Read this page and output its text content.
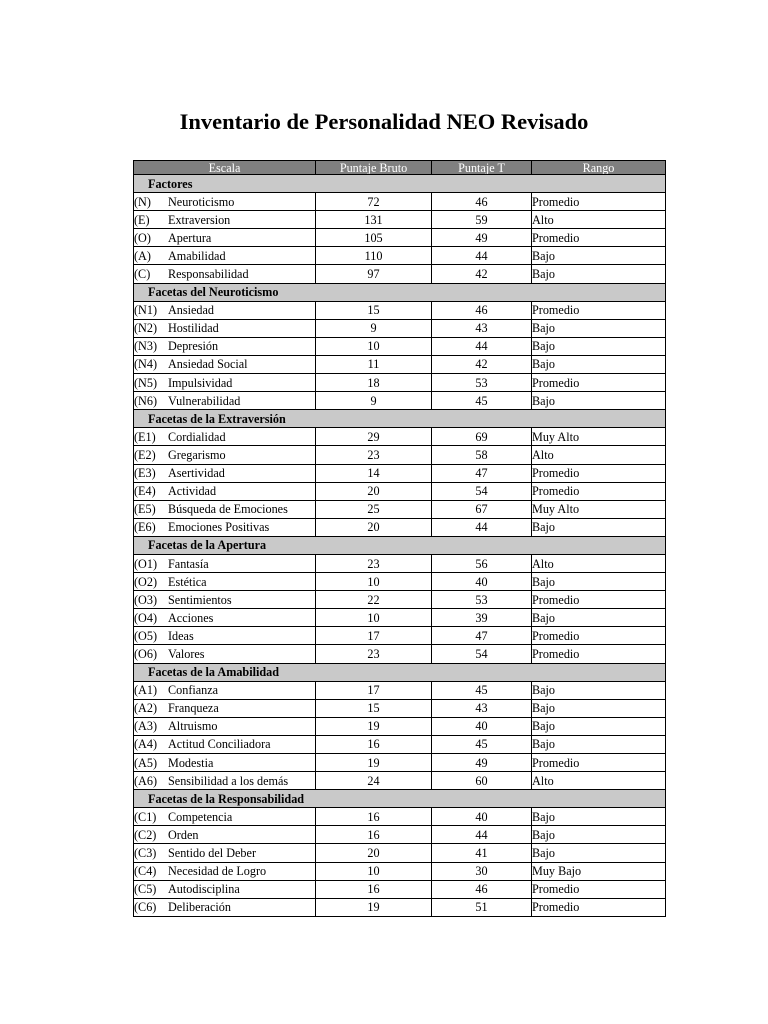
Inventario de Personalidad NEO Revisado
Escala	Puntaje Bruto	Puntaje T	Rango
Factores			
(N) Neuroticismo	72	46	Promedio
(E) Extraversion	131	59	Alto
(O) Apertura	105	49	Promedio
(A) Amabilidad	110	44	Bajo
(C) Responsabilidad	97	42	Bajo
Facetas del Neuroticismo			
(N1) Ansiedad	15	46	Promedio
(N2) Hostilidad	9	43	Bajo
(N3) Depresión	10	44	Bajo
(N4) Ansiedad Social	11	42	Bajo
(N5) Impulsividad	18	53	Promedio
(N6) Vulnerabilidad	9	45	Bajo
Facetas de la Extraversión			
(E1) Cordialidad	29	69	Muy Alto
(E2) Gregarismo	23	58	Alto
(E3) Asertividad	14	47	Promedio
(E4) Actividad	20	54	Promedio
(E5) Búsqueda de Emociones	25	67	Muy Alto
(E6) Emociones Positivas	20	44	Bajo
Facetas de la Apertura			
(O1) Fantasía	23	56	Alto
(O2) Estética	10	40	Bajo
(O3) Sentimientos	22	53	Promedio
(O4) Acciones	10	39	Bajo
(O5) Ideas	17	47	Promedio
(O6) Valores	23	54	Promedio
Facetas de la Amabilidad			
(A1) Confianza	17	45	Bajo
(A2) Franqueza	15	43	Bajo
(A3) Altruismo	19	40	Bajo
(A4) Actitud Conciliadora	16	45	Bajo
(A5) Modestia	19	49	Promedio
(A6) Sensibilidad a los demás	24	60	Alto
Facetas de la Responsabilidad			
(C1) Competencia	16	40	Bajo
(C2) Orden	16	44	Bajo
(C3) Sentido del Deber	20	41	Bajo
(C4) Necesidad de Logro	10	30	Muy Bajo
(C5) Autodisciplina	16	46	Promedio
(C6) Deliberación	19	51	Promedio
